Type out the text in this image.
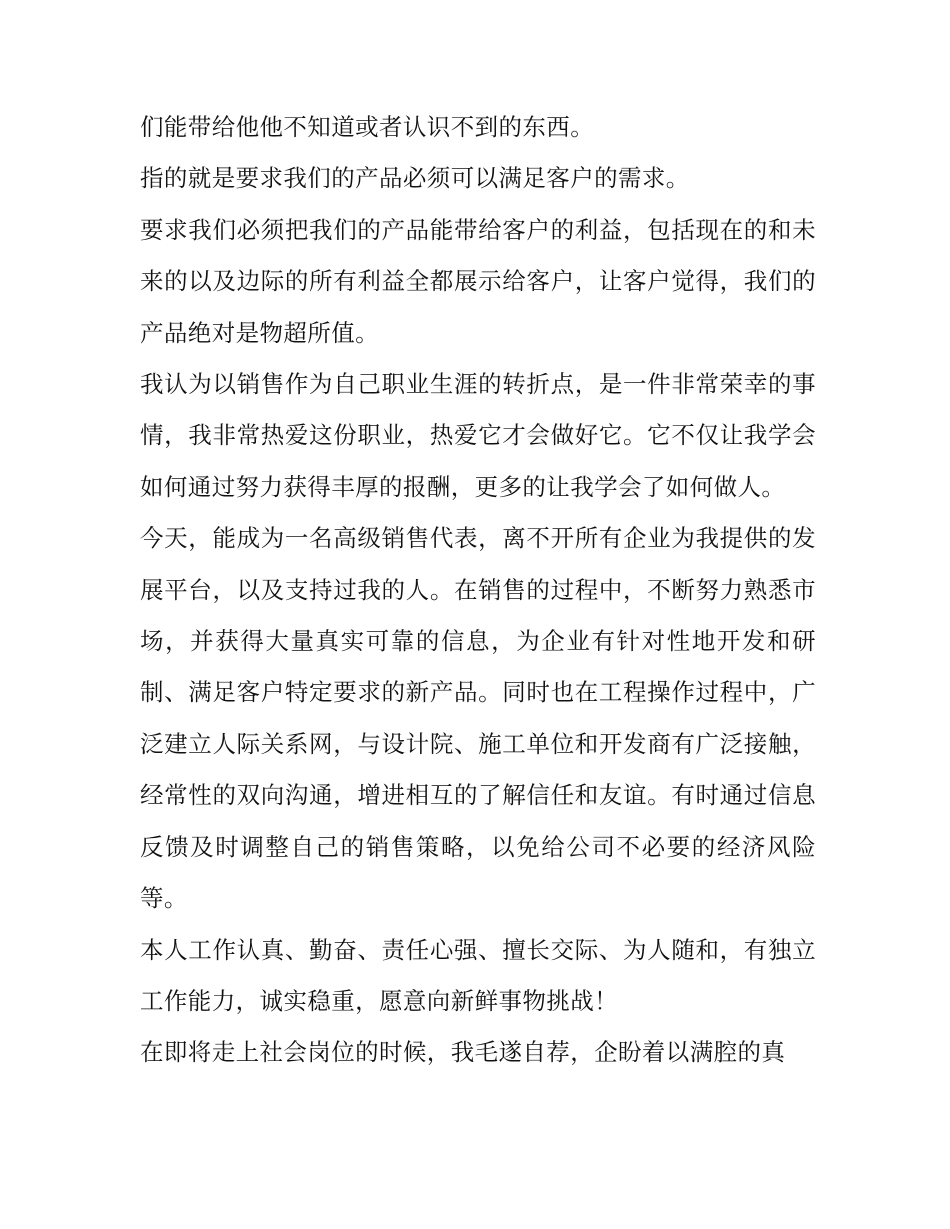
们能带给他他不知道或者认识不到的东西。

指的就是要求我们的产品必须可以满足客户的需求。

要求我们必须把我们的产品能带给客户的利益，包括现在的和未来的以及边际的所有利益全都展示给客户，让客户觉得，我们的产品绝对是物超所值。

我认为以销售作为自己职业生涯的转折点，是一件非常荣幸的事情，我非常热爱这份职业，热爱它才会做好它。它不仅让我学会如何通过努力获得丰厚的报酬，更多的让我学会了如何做人。

今天，能成为一名高级销售代表，离不开所有企业为我提供的发展平台，以及支持过我的人。在销售的过程中，不断努力熟悉市场，并获得大量真实可靠的信息，为企业有针对性地开发和研制、满足客户特定要求的新产品。同时也在工程操作过程中，广泛建立人际关系网，与设计院、施工单位和开发商有广泛接触，经常性的双向沟通，增进相互的了解信任和友谊。有时通过信息反馈及时调整自己的销售策略，以免给公司不必要的经济风险等。

本人工作认真、勤奋、责任心强、擅长交际、为人随和，有独立工作能力，诚实稳重，愿意向新鲜事物挑战！

在即将走上社会岗位的时候，我毛遂自荐，企盼着以满腔的真
